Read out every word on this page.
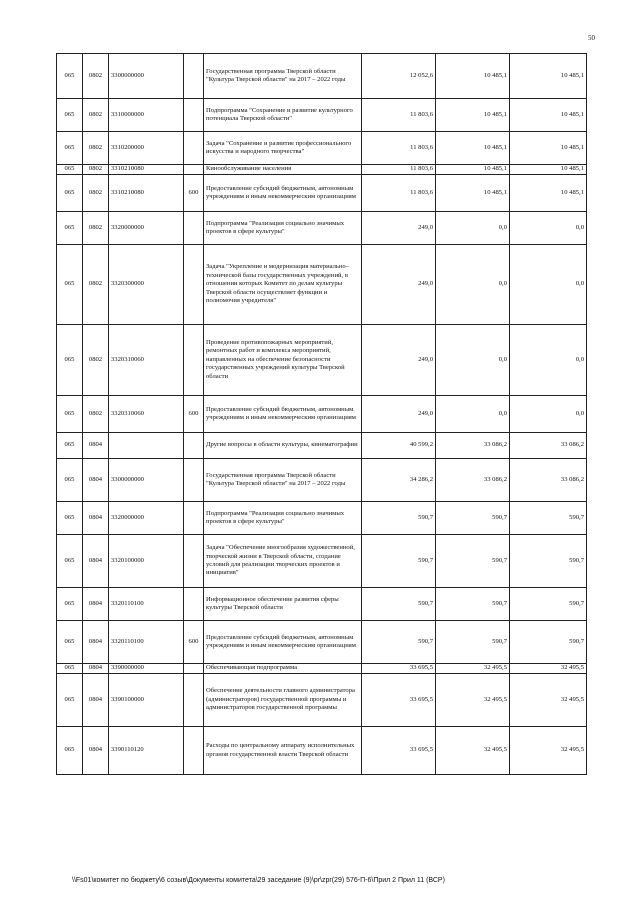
50
065	0802	3300000000		Государственная программа Тверской области "Культура Тверской области" на 2017 – 2022 годы	12 052,6	10 485,1	10 485,1
065	0802	3310000000		Подпрограмма "Сохранение и развитие культурного потенциала Тверской области"	11 803,6	10 485,1	10 485,1
065	0802	3310200000		Задача "Сохранение и развитие профессионального искусства и народного творчества"	11 803,6	10 485,1	10 485,1
065	0802	3310210080		Кинообслуживание населения	11 803,6	10 485,1	10 485,1
065	0802	3310210080	600	Предоставление субсидий бюджетным, автономным учреждениям и иным некоммерческим организациям	11 803,6	10 485,1	10 485,1
065	0802	3320000000		Подпрограмма "Реализация социально значимых проектов в сфере культуры"	249,0	0,0	0,0
065	0802	3320300000		Задача "Укрепление и модернизация материально–технической базы государственных учреждений, в отношении которых Комитет по делам культуры Тверской области осуществляет функции и полномочия учредителя"	249,0	0,0	0,0
065	0802	3320310060		Проведение противопожарных мероприятий, ремонтных работ и комплекса мероприятий, направленных на обеспечение безопасности государственных учреждений культуры Тверской области	249,0	0,0	0,0
065	0802	3320310060	600	Предоставление субсидий бюджетным, автономным учреждениям и иным некоммерческим организациям	249,0	0,0	0,0
065	0804			Другие вопросы в области культуры, кинематографии	40 599,2	33 086,2	33 086,2
065	0804	3300000000		Государственная программа Тверской области "Культура Тверской области" на 2017 – 2022 годы	34 286,2	33 086,2	33 086,2
065	0804	3320000000		Подпрограмма "Реализация социально значимых проектов в сфере культуры"	590,7	590,7	590,7
065	0804	3320100000		Задача "Обеспечение многообразия художественной, творческой жизни в Тверской области, создание условий для реализации творческих проектов и инициатив"	590,7	590,7	590,7
065	0804	3320110100		Информационное обеспечение развития сферы культуры Тверской области	590,7	590,7	590,7
065	0804	3320110100	600	Предоставление субсидий бюджетным, автономным учреждениям и иным некоммерческим организациям	590,7	590,7	590,7
065	0804	3390000000		Обеспечивающая подпрограмма	33 695,5	32 495,5	32 495,5
065	0804	3390100000		Обеспечение деятельности главного администратора (администраторов) государственной программы и администраторов государственной программы	33 695,5	32 495,5	32 495,5
065	0804	3390110120		Расходы по центральному аппарату исполнительных органов государственной власти Тверской области	33 695,5	32 495,5	32 495,5
\\Fs01\комитет по бюджету\6 созыв\Документы комитета\29 заседание (9)\pr\zpr(29) 576-П-6\Прил 2 Прил 11 (ВСР)
